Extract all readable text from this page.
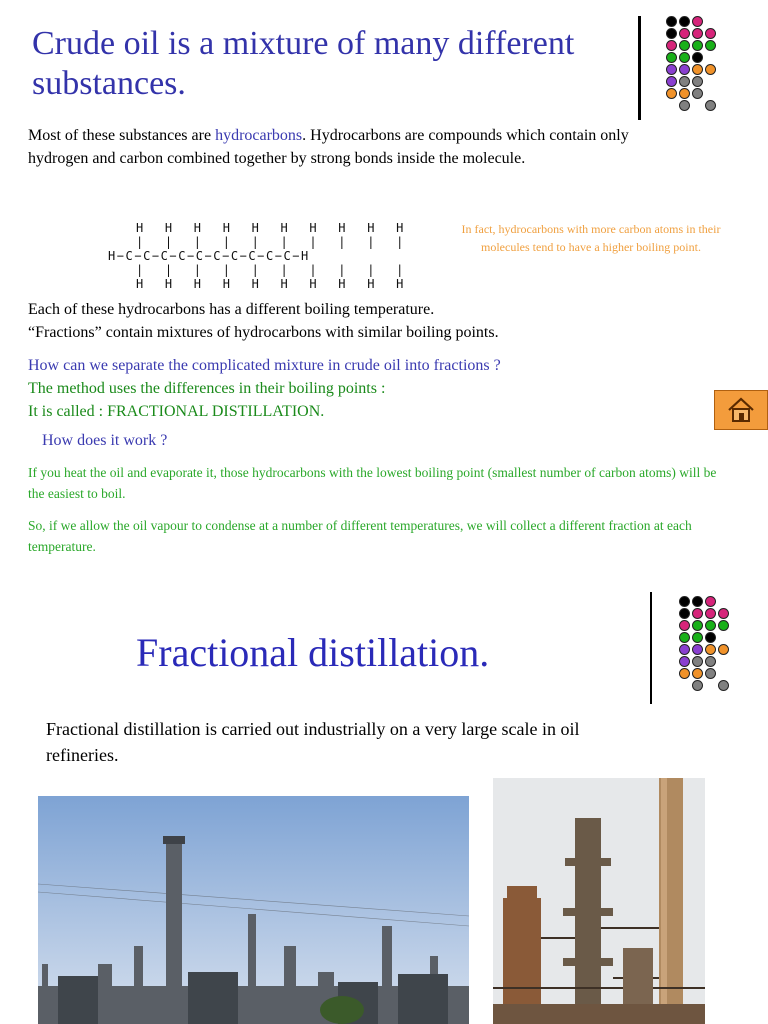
Crude oil is a mixture of many different substances.
Most of these substances are hydrocarbons. Hydrocarbons are compounds which contain only hydrogen and carbon combined together by strong bonds inside the molecule.

H   H   H   H   H   H   H   H   H   H
|   |   |   |   |   |   |   |   |   |
H−C−C−C−C−C−C−C−C−C−C−H
|   |   |   |   |   |   |   |   |   |
H   H   H   H   H   H   H   H   H   H

In fact, hydrocarbons with more carbon atoms in their molecules tend to have a higher boiling point.
Each of these hydrocarbons has a different boiling temperature.
“Fractions” contain mixtures of hydrocarbons with similar boiling points.
How can we separate the complicated mixture in crude oil into fractions ?
The method uses the differences in their boiling points :
It is called : FRACTIONAL DISTILLATION.
How does it work ?
If you heat the oil and evaporate it, those hydrocarbons with the lowest boiling point (smallest number of carbon atoms) will be the easiest to boil.
So, if we allow the oil vapour to condense at a number of different temperatures, we will collect a different fraction at each temperature.
Fractional distillation.
Fractional distillation is carried out industrially on a very large scale in oil refineries.
